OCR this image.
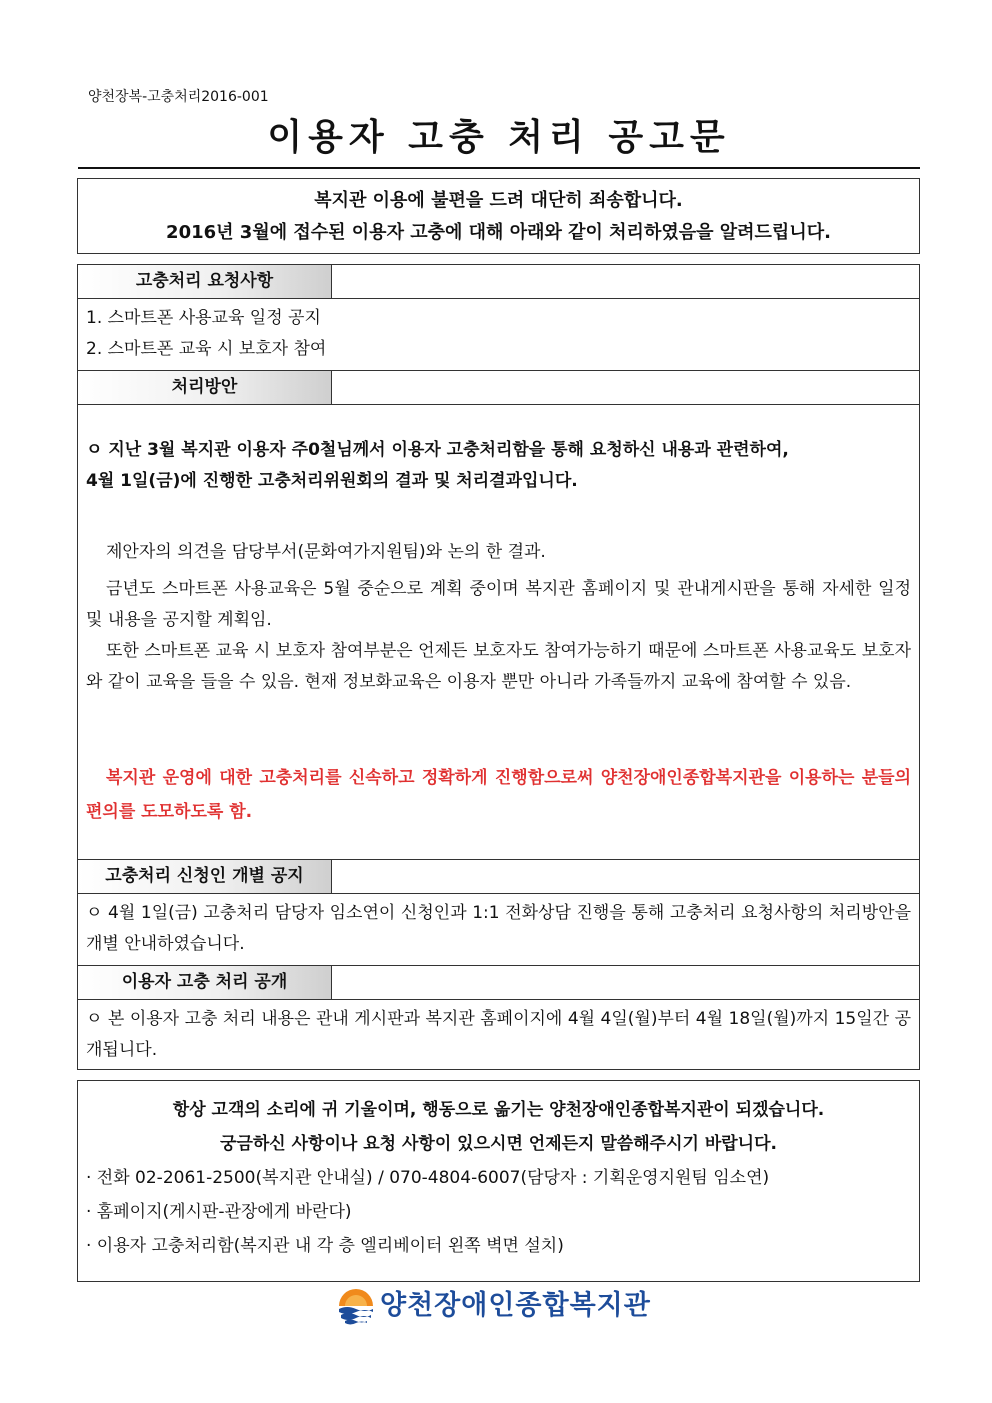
양천장복-고충처리2016-001
이용자 고충 처리 공고문
복지관 이용에 불편을 드려 대단히 죄송합니다.
2016년 3월에 접수된 이용자 고충에 대해 아래와 같이 처리하였음을 알려드립니다.
고충처리 요청사항
1. 스마트폰 사용교육 일정 공지
2. 스마트폰 교육 시 보호자 참여
처리방안
ㅇ 지난 3월 복지관 이용자 주0철님께서 이용자 고충처리함을 통해 요청하신 내용과 관련하여,
4월 1일(금)에 진행한 고충처리위원회의 결과 및 처리결과입니다.
제안자의 의견을 담당부서(문화여가지원팀)와 논의 한 결과.
금년도 스마트폰 사용교육은 5월 중순으로 계획 중이며 복지관 홈페이지 및 관내게시판을 통해 자세한 일정 및 내용을 공지할 계획임.
또한 스마트폰 교육 시 보호자 참여부분은 언제든 보호자도 참여가능하기 때문에 스마트폰 사용교육도 보호자와 같이 교육을 들을 수 있음. 현재 정보화교육은 이용자 뿐만 아니라 가족들까지 교육에 참여할 수 있음.
복지관 운영에 대한 고충처리를 신속하고 정확하게 진행함으로써 양천장애인종합복지관을 이용하는 분들의 편의를 도모하도록 함.
고충처리 신청인 개별 공지
ㅇ 4월 1일(금) 고충처리 담당자 임소연이 신청인과 1:1 전화상담 진행을 통해 고충처리 요청사항의 처리방안을 개별 안내하였습니다.
이용자 고충 처리 공개
ㅇ 본 이용자 고충 처리 내용은 관내 게시판과 복지관 홈페이지에 4월 4일(월)부터 4월 18일(월)까지 15일간 공개됩니다.
항상 고객의 소리에 귀 기울이며, 행동으로 옮기는 양천장애인종합복지관이 되겠습니다.
궁금하신 사항이나 요청 사항이 있으시면 언제든지 말씀해주시기 바랍니다.
· 전화 02-2061-2500(복지관 안내실) / 070-4804-6007(담당자 : 기획운영지원팀 임소연)
· 홈페이지(게시판-관장에게 바란다)
· 이용자 고충처리함(복지관 내 각 층 엘리베이터 왼쪽 벽면 설치)
양천장애인종합복지관
